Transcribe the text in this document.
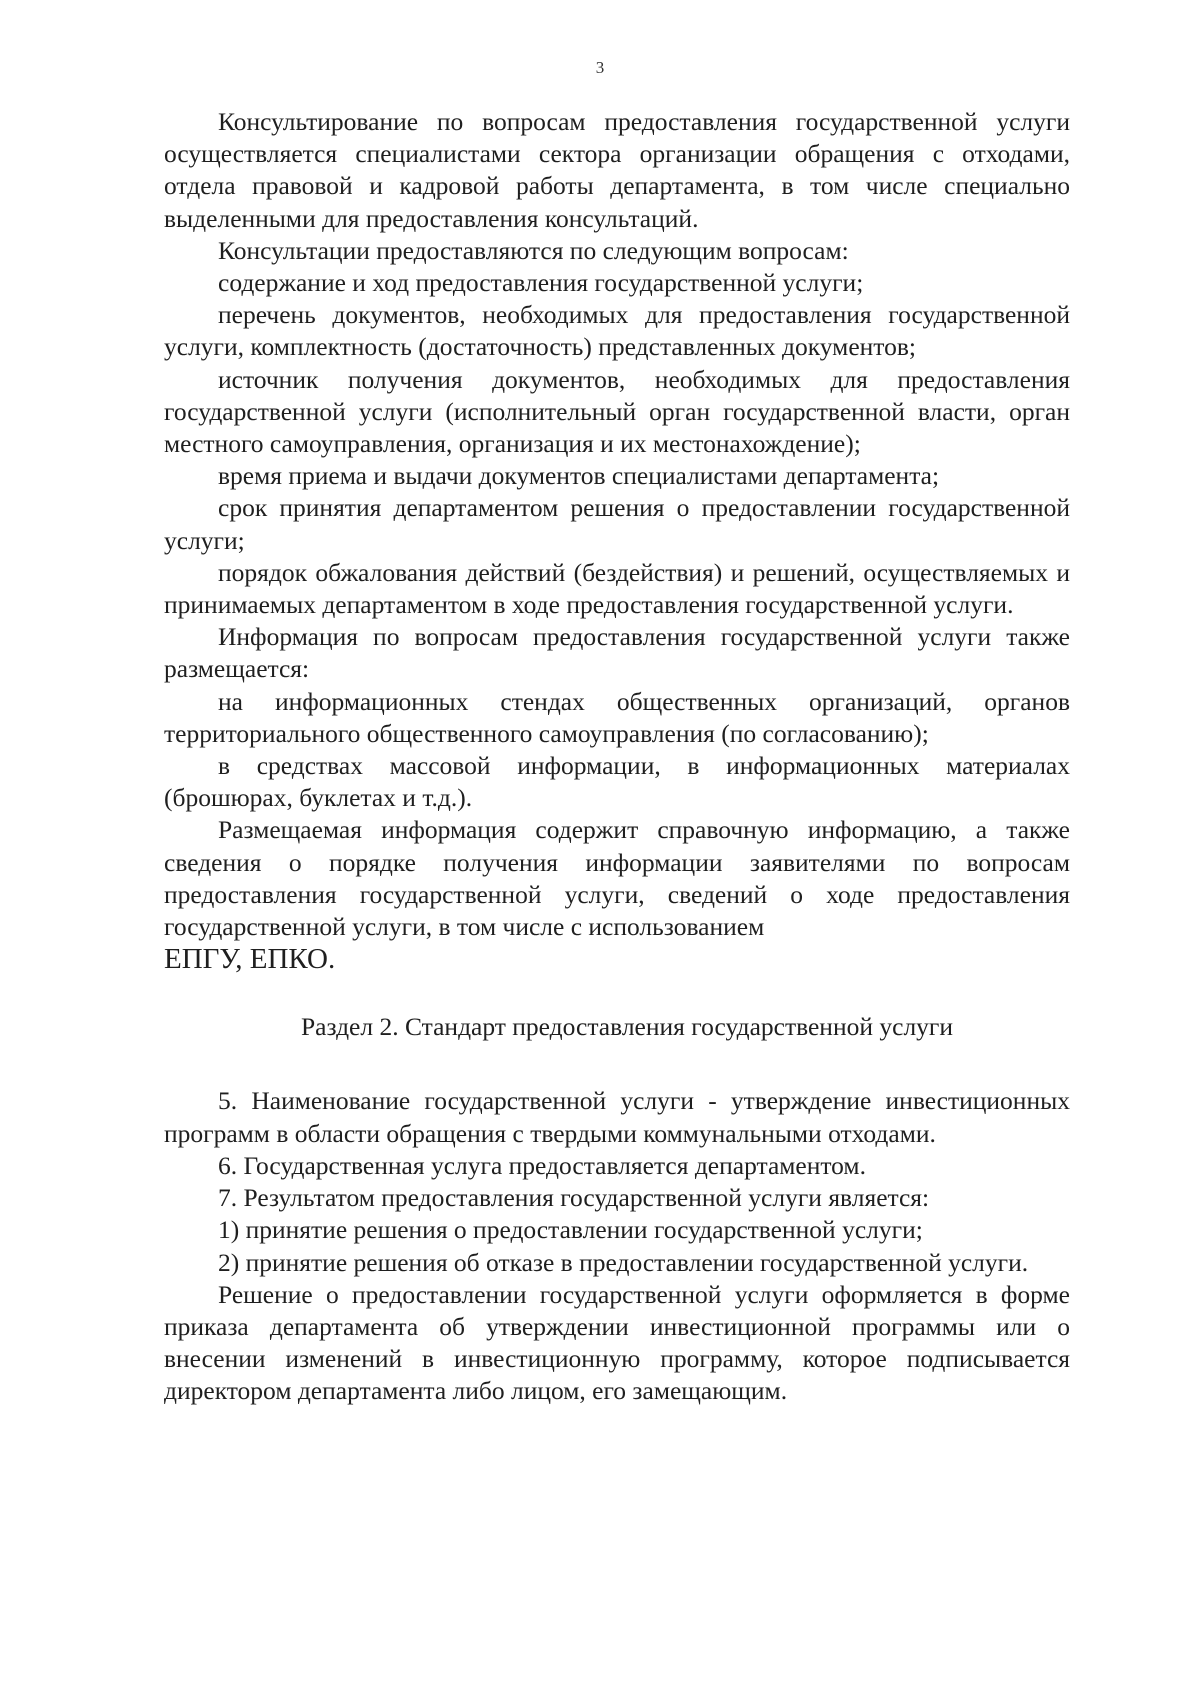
3

Консультирование по вопросам предоставления государственной услуги осуществляется специалистами сектора организации обращения с отходами, отдела правовой и кадровой работы департамента, в том числе специально выделенными для предоставления консультаций.

Консультации предоставляются по следующим вопросам:

содержание и ход предоставления государственной услуги;

перечень документов, необходимых для предоставления государственной услуги, комплектность (достаточность) представленных документов;

источник получения документов, необходимых для предоставления государственной услуги (исполнительный орган государственной власти, орган местного самоуправления, организация и их местонахождение);

время приема и выдачи документов специалистами департамента;

срок принятия департаментом решения о предоставлении государственной услуги;

порядок обжалования действий (бездействия) и решений, осуществляемых и принимаемых департаментом в ходе предоставления государственной услуги.

Информация по вопросам предоставления государственной услуги также размещается:

на информационных стендах общественных организаций, органов территориального общественного самоуправления (по согласованию);

в средствах массовой информации, в информационных материалах (брошюрах, буклетах и т.д.).

Размещаемая информация содержит справочную информацию, а также сведения о порядке получения информации заявителями по вопросам предоставления государственной услуги, сведений о ходе предоставления государственной услуги, в том числе с использованием

ЕПГУ, ЕПКО.

Раздел 2. Стандарт предоставления государственной услуги

5. Наименование государственной услуги - утверждение инвестиционных программ в области обращения с твердыми коммунальными отходами.

6. Государственная услуга предоставляется департаментом.

7. Результатом предоставления государственной услуги является:

1) принятие решения о предоставлении государственной услуги;

2) принятие решения об отказе в предоставлении государственной услуги.

Решение о предоставлении государственной услуги оформляется в форме приказа департамента об утверждении инвестиционной программы или о внесении изменений в инвестиционную программу, которое подписывается директором департамента либо лицом, его замещающим.
